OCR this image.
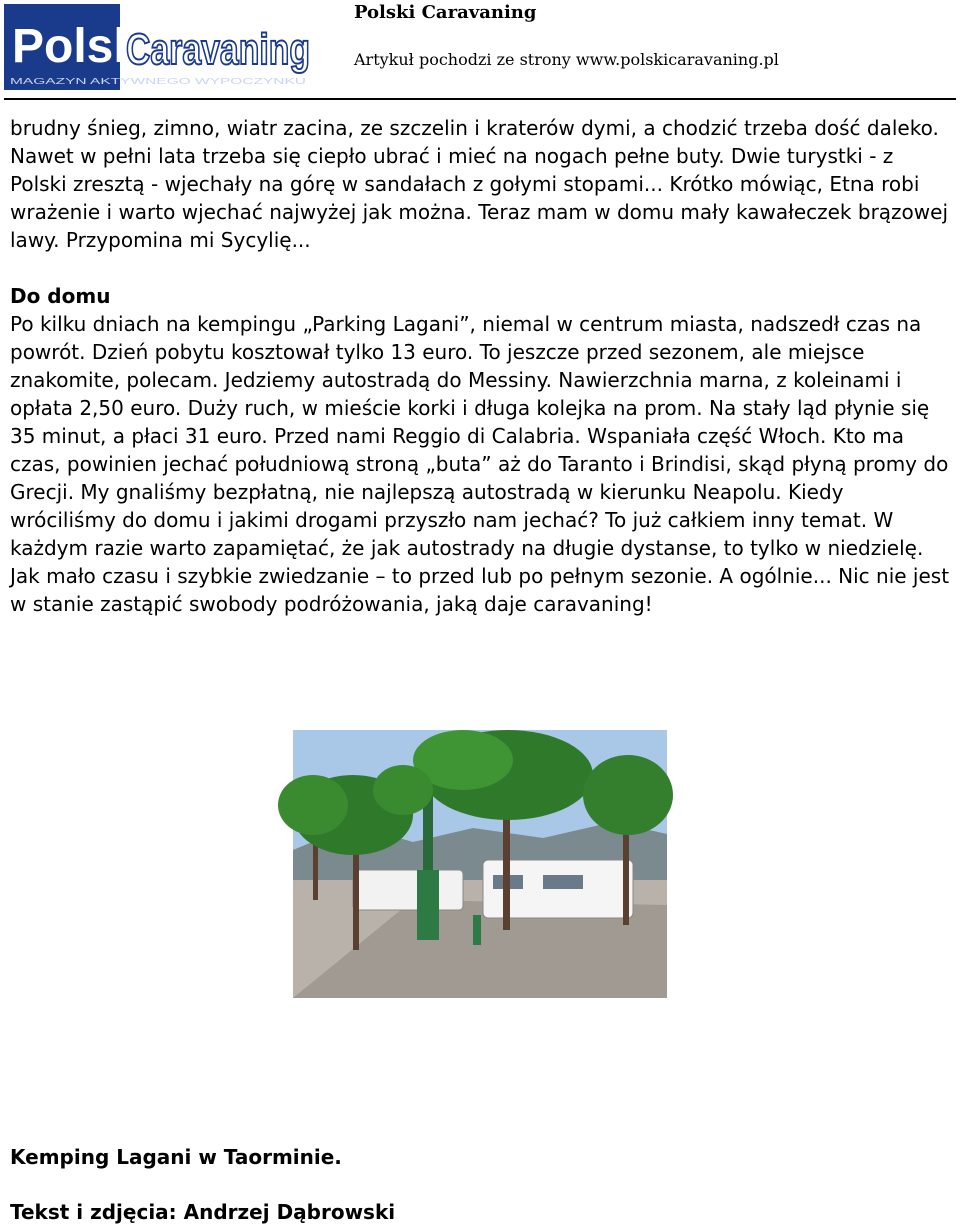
Polski
Caravaning
MAGAZYN AKTYWNEGO WYPOCZYNKU
Polski Caravaning
Artykuł pochodzi ze strony www.polskicaravaning.pl

brudny śnieg, zimno, wiatr zacina, ze szczelin i kraterów dymi, a chodzić trzeba dość daleko. Nawet w pełni lata trzeba się ciepło ubrać i mieć na nogach pełne buty. Dwie turystki - z Polski zresztą - wjechały na górę w sandałach z gołymi stopami... Krótko mówiąc, Etna robi wrażenie i warto wjechać najwyżej jak można. Teraz mam w domu mały kawałeczek brązowej lawy. Przypomina mi Sycylię...

Do domu

Po kilku dniach na kempingu „Parking Lagani”, niemal w centrum miasta, nadszedł czas na powrót. Dzień pobytu kosztował tylko 13 euro. To jeszcze przed sezonem, ale miejsce znakomite, polecam. Jedziemy autostradą do Messiny. Nawierzchnia marna, z koleinami i opłata 2,50 euro. Duży ruch, w mieście korki i długa kolejka na prom. Na stały ląd płynie się 35 minut, a płaci 31 euro. Przed nami Reggio di Calabria. Wspaniała część Włoch. Kto ma czas, powinien jechać południową stroną „buta” aż do Taranto i Brindisi, skąd płyną promy do Grecji. My gnaliśmy bezpłatną, nie najlepszą autostradą w kierunku Neapolu. Kiedy wróciliśmy do domu i jakimi drogami przyszło nam jechać? To już całkiem inny temat. W każdym razie warto zapamiętać, że jak autostrady na długie dystanse, to tylko w niedzielę. Jak mało czasu i szybkie zwiedzanie – to przed lub po pełnym sezonie. A ogólnie... Nic nie jest w stanie zastąpić swobody podróżowania, jaką daje caravaning!

Kemping Lagani w Taorminie.
Tekst i zdjęcia: Andrzej Dąbrowski
